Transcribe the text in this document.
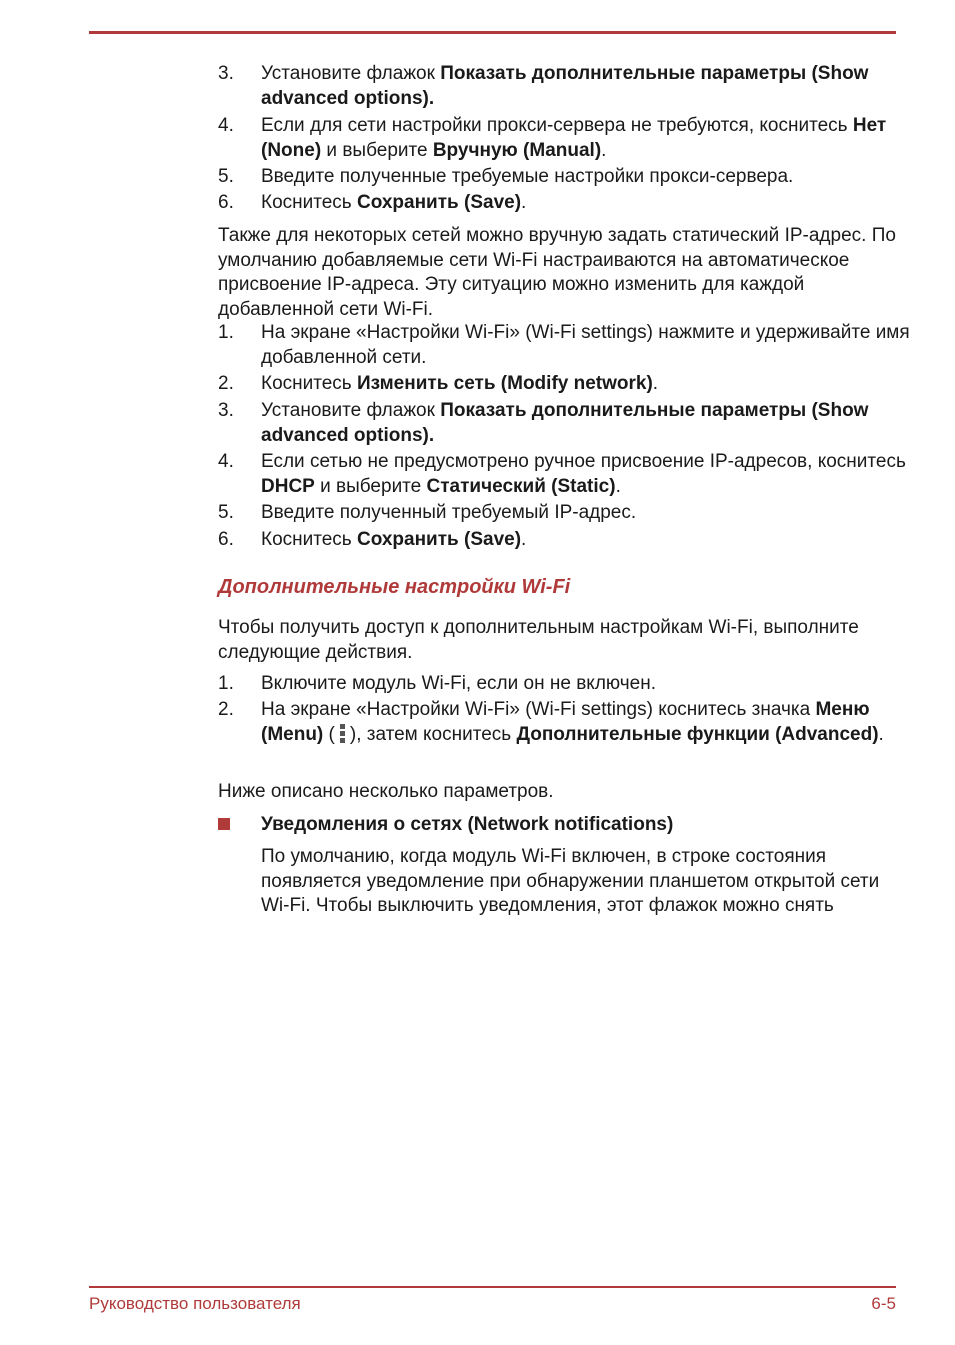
3. Установите флажок Показать дополнительные параметры (Show advanced options).
4. Если для сети настройки прокси-сервера не требуются, коснитесь Нет (None) и выберите Вручную (Manual).
5. Введите полученные требуемые настройки прокси-сервера.
6. Коснитесь Сохранить (Save).

Также для некоторых сетей можно вручную задать статический IP-адрес. По умолчанию добавляемые сети Wi-Fi настраиваются на автоматическое присвоение IP-адреса. Эту ситуацию можно изменить для каждой добавленной сети Wi-Fi.

1. На экране «Настройки Wi-Fi» (Wi-Fi settings) нажмите и удерживайте имя добавленной сети.
2. Коснитесь Изменить сеть (Modify network).
3. Установите флажок Показать дополнительные параметры (Show advanced options).
4. Если сетью не предусмотрено ручное присвоение IP-адресов, коснитесь DHCP и выберите Статический (Static).
5. Введите полученный требуемый IP-адрес.
6. Коснитесь Сохранить (Save).
Дополнительные настройки Wi-Fi

Чтобы получить доступ к дополнительным настройкам Wi-Fi, выполните следующие действия.

1. Включите модуль Wi-Fi, если он не включен.
2. На экране «Настройки Wi-Fi» (Wi-Fi settings) коснитесь значка Меню (Menu) ( ), затем коснитесь Дополнительные функции (Advanced).

Ниже описано несколько параметров.

Уведомления о сетях (Network notifications)

По умолчанию, когда модуль Wi-Fi включен, в строке состояния появляется уведомление при обнаружении планшетом открытой сети Wi-Fi. Чтобы выключить уведомления, этот флажок можно снять

Руководство пользователя	6-5
